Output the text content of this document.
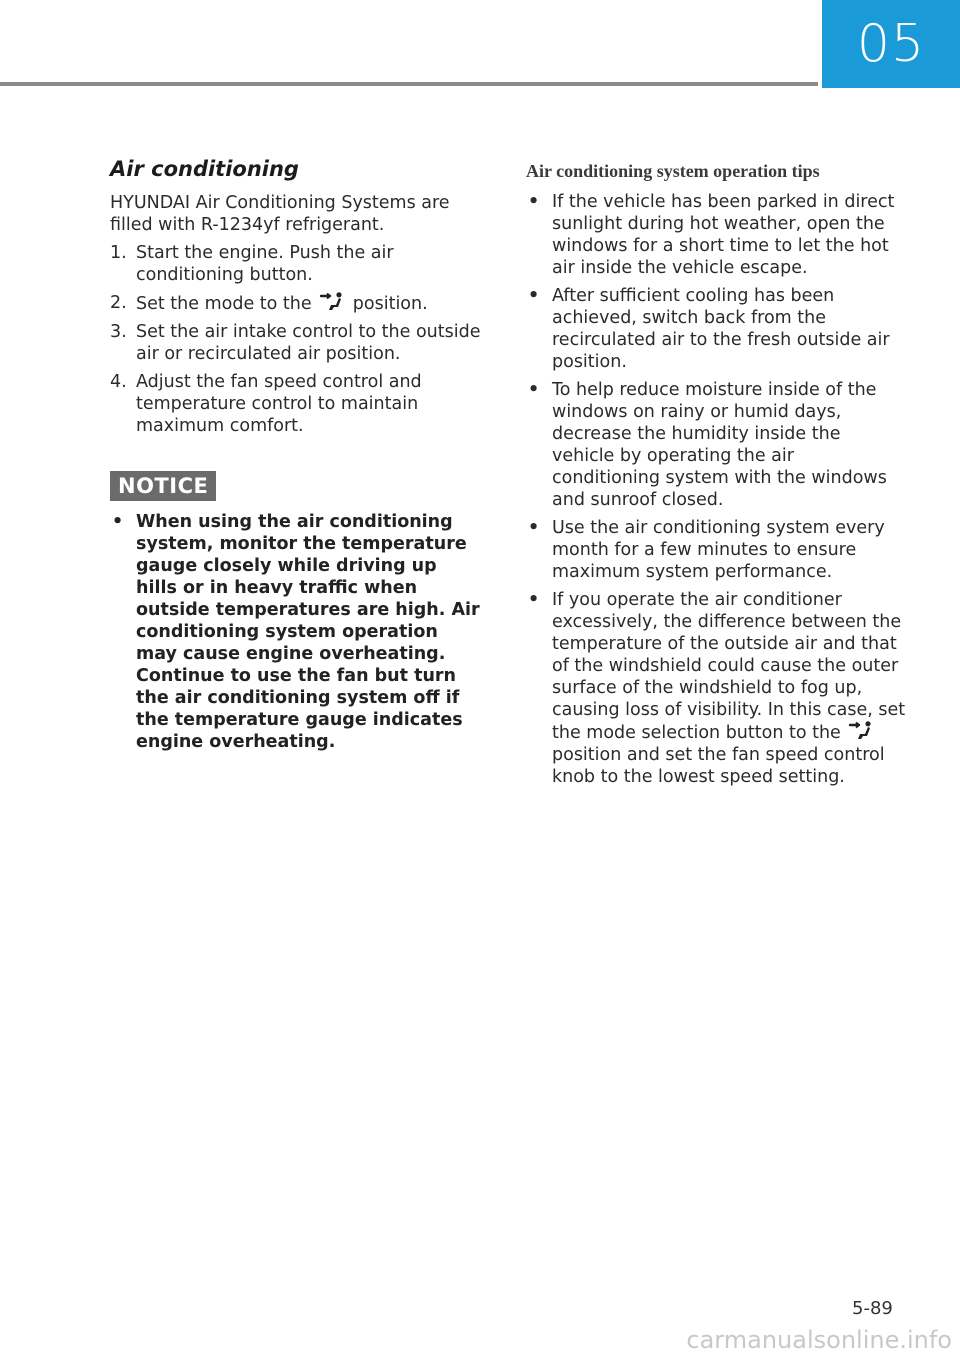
05
Air conditioning

HYUNDAI Air Conditioning Systems are filled with R-1234yf refrigerant.

1. Start the engine. Push the air conditioning button.
2. Set the mode to the position.
3. Set the air intake control to the outside air or recirculated air position.
4. Adjust the fan speed control and temperature control to maintain maximum comfort.
NOTICE
• When using the air conditioning system, monitor the temperature gauge closely while driving up hills or in heavy traffic when outside temperatures are high. Air conditioning system operation may cause engine overheating. Continue to use the fan but turn the air conditioning system off if the temperature gauge indicates engine overheating.
Air conditioning system operation tips
• If the vehicle has been parked in direct sunlight during hot weather, open the windows for a short time to let the hot air inside the vehicle escape.
• After sufficient cooling has been achieved, switch back from the recirculated air to the fresh outside air position.
• To help reduce moisture inside of the windows on rainy or humid days, decrease the humidity inside the vehicle by operating the air conditioning system with the windows and sunroof closed.
• Use the air conditioning system every month for a few minutes to ensure maximum system performance.
• If you operate the air conditioner excessively, the difference between the temperature of the outside air and that of the windshield could cause the outer surface of the windshield to fog up, causing loss of visibility. In this case, set the mode selection button to the  position and set the fan speed control knob to the lowest speed setting.
5-89
carmanualsonline.info
